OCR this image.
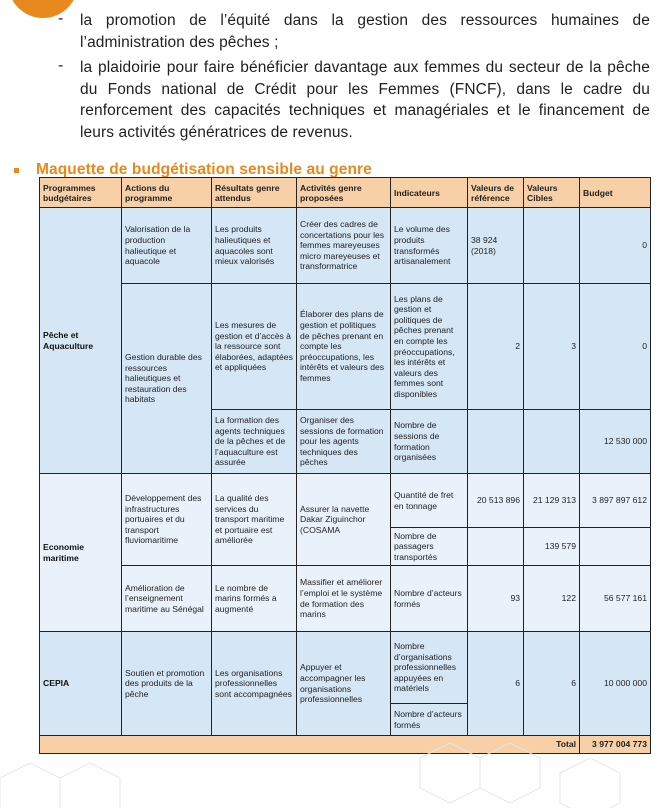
- la promotion de l’équité dans la gestion des ressources humaines de l’administration des pêches ;
- la plaidoirie pour faire bénéficier davantage aux femmes du secteur de la pêche du Fonds national de Crédit pour les Femmes (FNCF), dans le cadre du renforcement des capacités techniques et managériales et le financement de leurs activités génératrices de revenus.
Maquette de budgétisation sensible au genre
Programmes budgétaires	Actions du programme	Résultats genre attendus	Activités genre proposées	Indicateurs	Valeurs de référence	Valeurs Cibles	Budget
Pêche et Aquaculture	Valorisation de la production halieutique et aquacole	Les produits halieutiques et aquacoles sont mieux valorisés	Créer des cadres de concertations pour les femmes mareyeuses micro mareyeuses et transformatrice	Le volume des produits transformés artisanalement	38 924 (2018)		0
	Gestion durable des ressources halieutiques et restauration des habitats	Les mesures de gestion et d’accès à la ressource sont élaborées, adaptées et appliquées	Élaborer des plans de gestion et politiques de pêches prenant en compte les préoccupations, les intérêts et valeurs des femmes	Les plans de gestion et politiques de pêches prenant en compte les préoccupations, les intérêts et valeurs des femmes sont disponibles	2	3	0
		La formation des agents techniques de la pêches et de l’aquaculture est assurée	Organiser des sessions de formation pour les agents techniques des pêches	Nombre de sessions de formation organisées			12 530 000
Economie maritime	Développement des infrastructures portuaires et du transport fluviomaritime	La qualité des services du transport maritime et portuaire est améliorée	Assurer la navette Dakar Ziguinchor (COSAMA	Quantité de fret en tonnage	20 513 896	21 129 313	3 897 897 612
				Nombre de passagers transportés		139 579	
	Amélioration de l’enseignement maritime au Sénégal	Le nombre de marins formés a augmenté	Massifier et améliorer l’emploi et le système de formation des marins	Nombre d’acteurs formés	93	122	56 577 161
CEPIA	Soutien et promotion des produits de la pêche	Les organisations professionnelles sont accompagnées	Appuyer et accompagner les organisations professionnelles	Nombre d’organisations professionnelles appuyées en matériels	6	6	10 000 000
				Nombre d’acteurs formés			
Total							3 977 004 773
